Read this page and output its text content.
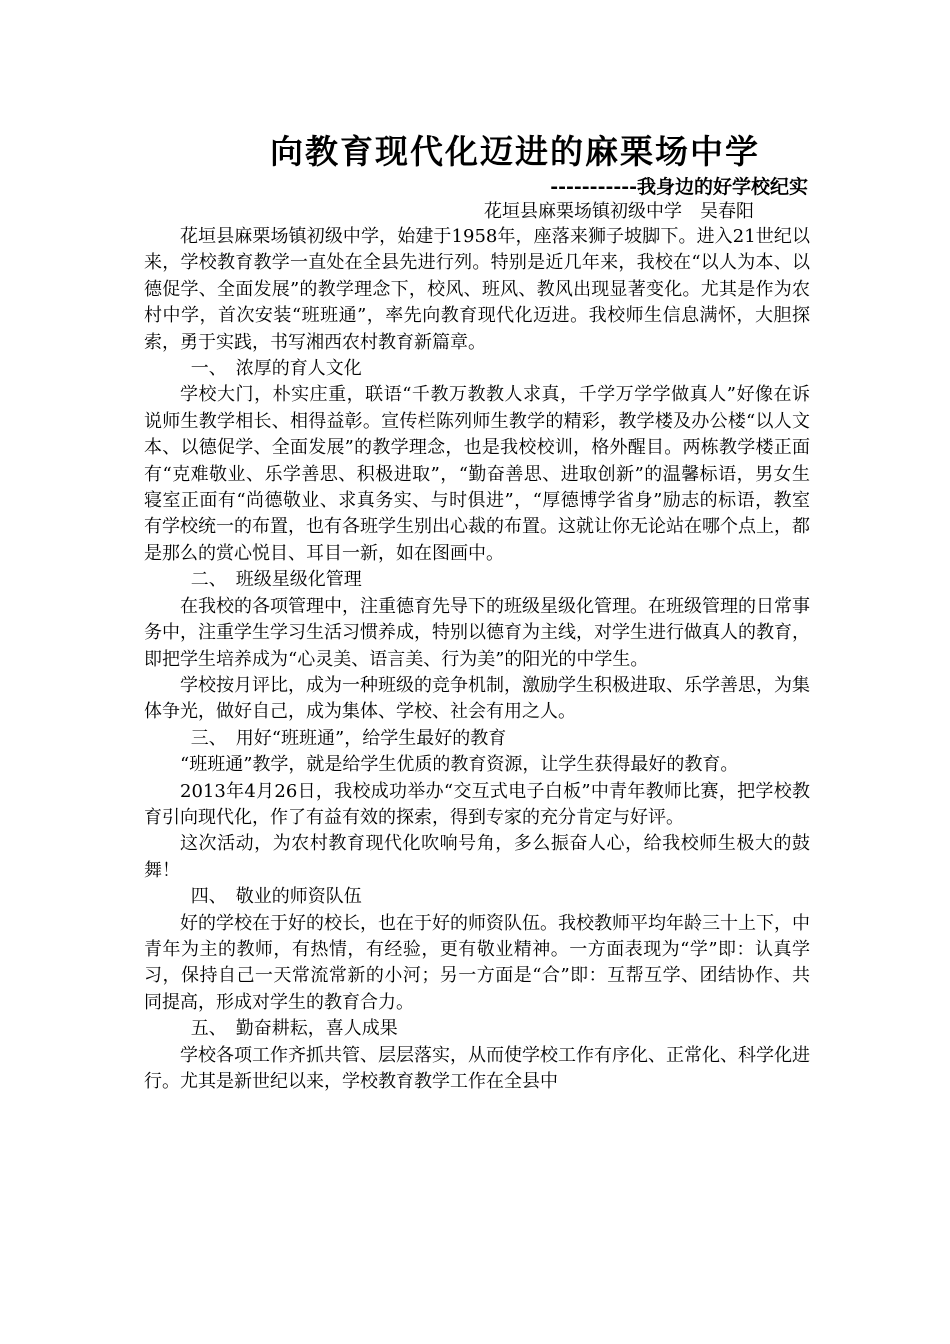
向教育现代化迈进的麻栗场中学
-----------我身边的好学校纪实
花垣县麻栗场镇初级中学　吴春阳

花垣县麻栗场镇初级中学，始建于1958年，座落来狮子坡脚下。进入21世纪以来，学校教育教学一直处在全县先进行列。特别是近几年来，我校在“以人为本、以德促学、全面发展”的教学理念下，校风、班风、教风出现显著变化。尤其是作为农村中学，首次安装“班班通”，率先向教育现代化迈进。我校师生信息满怀，大胆探索，勇于实践，书写湘西农村教育新篇章。

一、　浓厚的育人文化

学校大门，朴实庄重，联语“千教万教教人求真，千学万学学做真人”好像在诉说师生教学相长、相得益彰。宣传栏陈列师生教学的精彩，教学楼及办公楼“以人文本、以德促学、全面发展”的教学理念，也是我校校训，格外醒目。两栋教学楼正面有“克难敬业、乐学善思、积极进取”，“勤奋善思、进取创新”的温馨标语，男女生寝室正面有“尚德敬业、求真务实、与时俱进”，“厚德博学省身”励志的标语，教室有学校统一的布置，也有各班学生别出心裁的布置。这就让你无论站在哪个点上，都是那么的赏心悦目、耳目一新，如在图画中。

二、　班级星级化管理

在我校的各项管理中，注重德育先导下的班级星级化管理。在班级管理的日常事务中，注重学生学习生活习惯养成，特别以德育为主线，对学生进行做真人的教育，即把学生培养成为“心灵美、语言美、行为美”的阳光的中学生。

学校按月评比，成为一种班级的竞争机制，激励学生积极进取、乐学善思，为集体争光，做好自己，成为集体、学校、社会有用之人。

三、　用好“班班通”，给学生最好的教育

“班班通”教学，就是给学生优质的教育资源，让学生获得最好的教育。

2013年4月26日，我校成功举办“交互式电子白板”中青年教师比赛，把学校教育引向现代化，作了有益有效的探索，得到专家的充分肯定与好评。

这次活动，为农村教育现代化吹响号角，多么振奋人心，给我校师生极大的鼓舞！

四、　敬业的师资队伍

好的学校在于好的校长，也在于好的师资队伍。我校教师平均年龄三十上下，中青年为主的教师，有热情，有经验，更有敬业精神。一方面表现为“学”即：认真学习，保持自己一天常流常新的小河；另一方面是“合”即：互帮互学、团结协作、共同提高，形成对学生的教育合力。

五、　勤奋耕耘，喜人成果

学校各项工作齐抓共管、层层落实，从而使学校工作有序化、正常化、科学化进行。尤其是新世纪以来，学校教育教学工作在全县中
